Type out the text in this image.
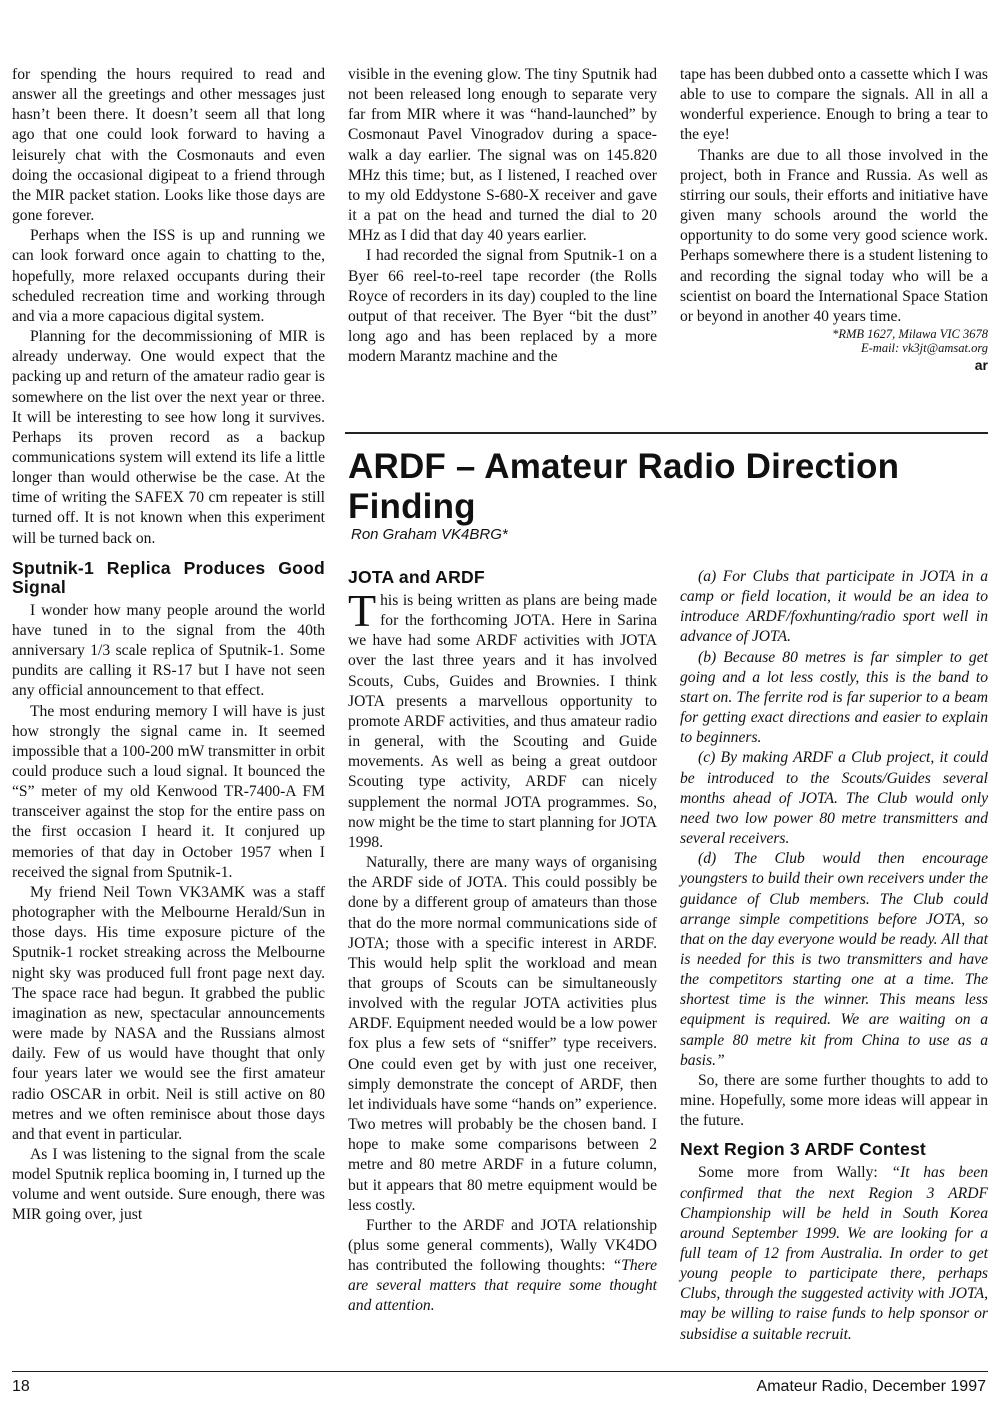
for spending the hours required to read and answer all the greetings and other messages just hasn’t been there. It doesn’t seem all that long ago that one could look forward to having a leisurely chat with the Cosmonauts and even doing the occasional digipeat to a friend through the MIR packet station. Looks like those days are gone forever.

Perhaps when the ISS is up and running we can look forward once again to chatting to the, hopefully, more relaxed occupants during their scheduled recreation time and working through and via a more capacious digital system.

Planning for the decommissioning of MIR is already underway. One would expect that the packing up and return of the amateur radio gear is somewhere on the list over the next year or three. It will be interesting to see how long it survives. Perhaps its proven record as a backup communications system will extend its life a little longer than would otherwise be the case. At the time of writing the SAFEX 70 cm repeater is still turned off. It is not known when this experiment will be turned back on.

Sputnik-1 Replica Produces Good Signal

I wonder how many people around the world have tuned in to the signal from the 40th anniversary 1/3 scale replica of Sputnik-1. Some pundits are calling it RS-17 but I have not seen any official announcement to that effect.

The most enduring memory I will have is just how strongly the signal came in. It seemed impossible that a 100-200 mW transmitter in orbit could produce such a loud signal. It bounced the “S” meter of my old Kenwood TR-7400-A FM transceiver against the stop for the entire pass on the first occasion I heard it. It conjured up memories of that day in October 1957 when I received the signal from Sputnik-1.

My friend Neil Town VK3AMK was a staff photographer with the Melbourne Herald/Sun in those days. His time exposure picture of the Sputnik-1 rocket streaking across the Melbourne night sky was produced full front page next day. The space race had begun. It grabbed the public imagination as new, spectacular announcements were made by NASA and the Russians almost daily. Few of us would have thought that only four years later we would see the first amateur radio OSCAR in orbit. Neil is still active on 80 metres and we often reminisce about those days and that event in particular.

As I was listening to the signal from the scale model Sputnik replica booming in, I turned up the volume and went outside. Sure enough, there was MIR going over, just

visible in the evening glow. The tiny Sputnik had not been released long enough to separate very far from MIR where it was “hand-launched” by Cosmonaut Pavel Vinogradov during a space-walk a day earlier. The signal was on 145.820 MHz this time; but, as I listened, I reached over to my old Eddystone S-680-X receiver and gave it a pat on the head and turned the dial to 20 MHz as I did that day 40 years earlier.

I had recorded the signal from Sputnik-1 on a Byer 66 reel-to-reel tape recorder (the Rolls Royce of recorders in its day) coupled to the line output of that receiver. The Byer “bit the dust” long ago and has been replaced by a more modern Marantz machine and the

tape has been dubbed onto a cassette which I was able to use to compare the signals. All in all a wonderful experience. Enough to bring a tear to the eye!

Thanks are due to all those involved in the project, both in France and Russia. As well as stirring our souls, their efforts and initiative have given many schools around the world the opportunity to do some very good science work. Perhaps somewhere there is a student listening to and recording the signal today who will be a scientist on board the International Space Station or beyond in another 40 years time.

*RMB 1627, Milawa VIC 3678
E-mail: vk3jt@amsat.org
ar
ARDF – Amateur Radio Direction Finding
Ron Graham VK4BRG*
JOTA and ARDF

This is being written as plans are being made for the forthcoming JOTA. Here in Sarina we have had some ARDF activities with JOTA over the last three years and it has involved Scouts, Cubs, Guides and Brownies. I think JOTA presents a marvellous opportunity to promote ARDF activities, and thus amateur radio in general, with the Scouting and Guide movements. As well as being a great outdoor Scouting type activity, ARDF can nicely supplement the normal JOTA programmes. So, now might be the time to start planning for JOTA 1998.

Naturally, there are many ways of organising the ARDF side of JOTA. This could possibly be done by a different group of amateurs than those that do the more normal communications side of JOTA; those with a specific interest in ARDF. This would help split the workload and mean that groups of Scouts can be simultaneously involved with the regular JOTA activities plus ARDF. Equipment needed would be a low power fox plus a few sets of “sniffer” type receivers. One could even get by with just one receiver, simply demonstrate the concept of ARDF, then let individuals have some “hands on” experience. Two metres will probably be the chosen band. I hope to make some comparisons between 2 metre and 80 metre ARDF in a future column, but it appears that 80 metre equipment would be less costly.

Further to the ARDF and JOTA relationship (plus some general comments), Wally VK4DO has contributed the following thoughts: “There are several matters that require some thought and attention.

(a) For Clubs that participate in JOTA in a camp or field location, it would be an idea to introduce ARDF/foxhunting/radio sport well in advance of JOTA.

(b) Because 80 metres is far simpler to get going and a lot less costly, this is the band to start on. The ferrite rod is far superior to a beam for getting exact directions and easier to explain to beginners.

(c) By making ARDF a Club project, it could be introduced to the Scouts/Guides several months ahead of JOTA. The Club would only need two low power 80 metre transmitters and several receivers.

(d) The Club would then encourage youngsters to build their own receivers under the guidance of Club members. The Club could arrange simple competitions before JOTA, so that on the day everyone would be ready. All that is needed for this is two transmitters and have the competitors starting one at a time. The shortest time is the winner. This means less equipment is required. We are waiting on a sample 80 metre kit from China to use as a basis.”

So, there are some further thoughts to add to mine. Hopefully, some more ideas will appear in the future.

Next Region 3 ARDF Contest

Some more from Wally: “It has been confirmed that the next Region 3 ARDF Championship will be held in South Korea around September 1999. We are looking for a full team of 12 from Australia. In order to get young people to participate there, perhaps Clubs, through the suggested activity with JOTA, may be willing to raise funds to help sponsor or subsidise a suitable recruit.

18	Amateur Radio, December 1997
